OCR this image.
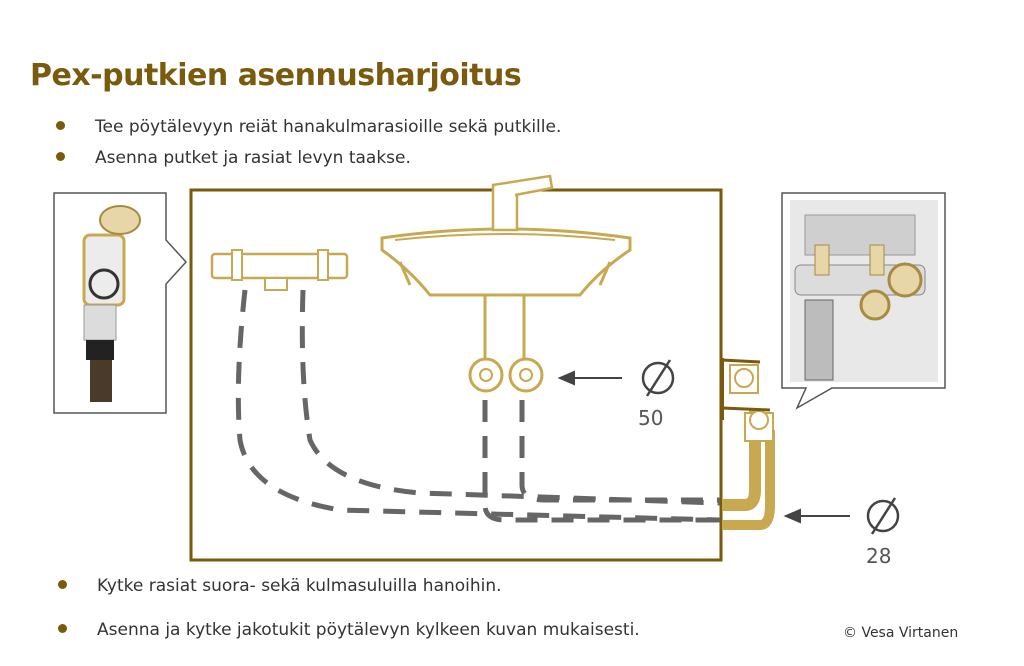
Pex-putkien asennusharjoitus
Tee pöytälevyyn reiät hanakulmarasioille sekä putkille.
Asenna putket ja rasiat levyn taakse.
50
28
Kytke rasiat suora- sekä kulmasuluilla hanoihin.
Asenna ja kytke jakotukit pöytälevyn kylkeen kuvan mukaisesti.	© Vesa Virtanen
